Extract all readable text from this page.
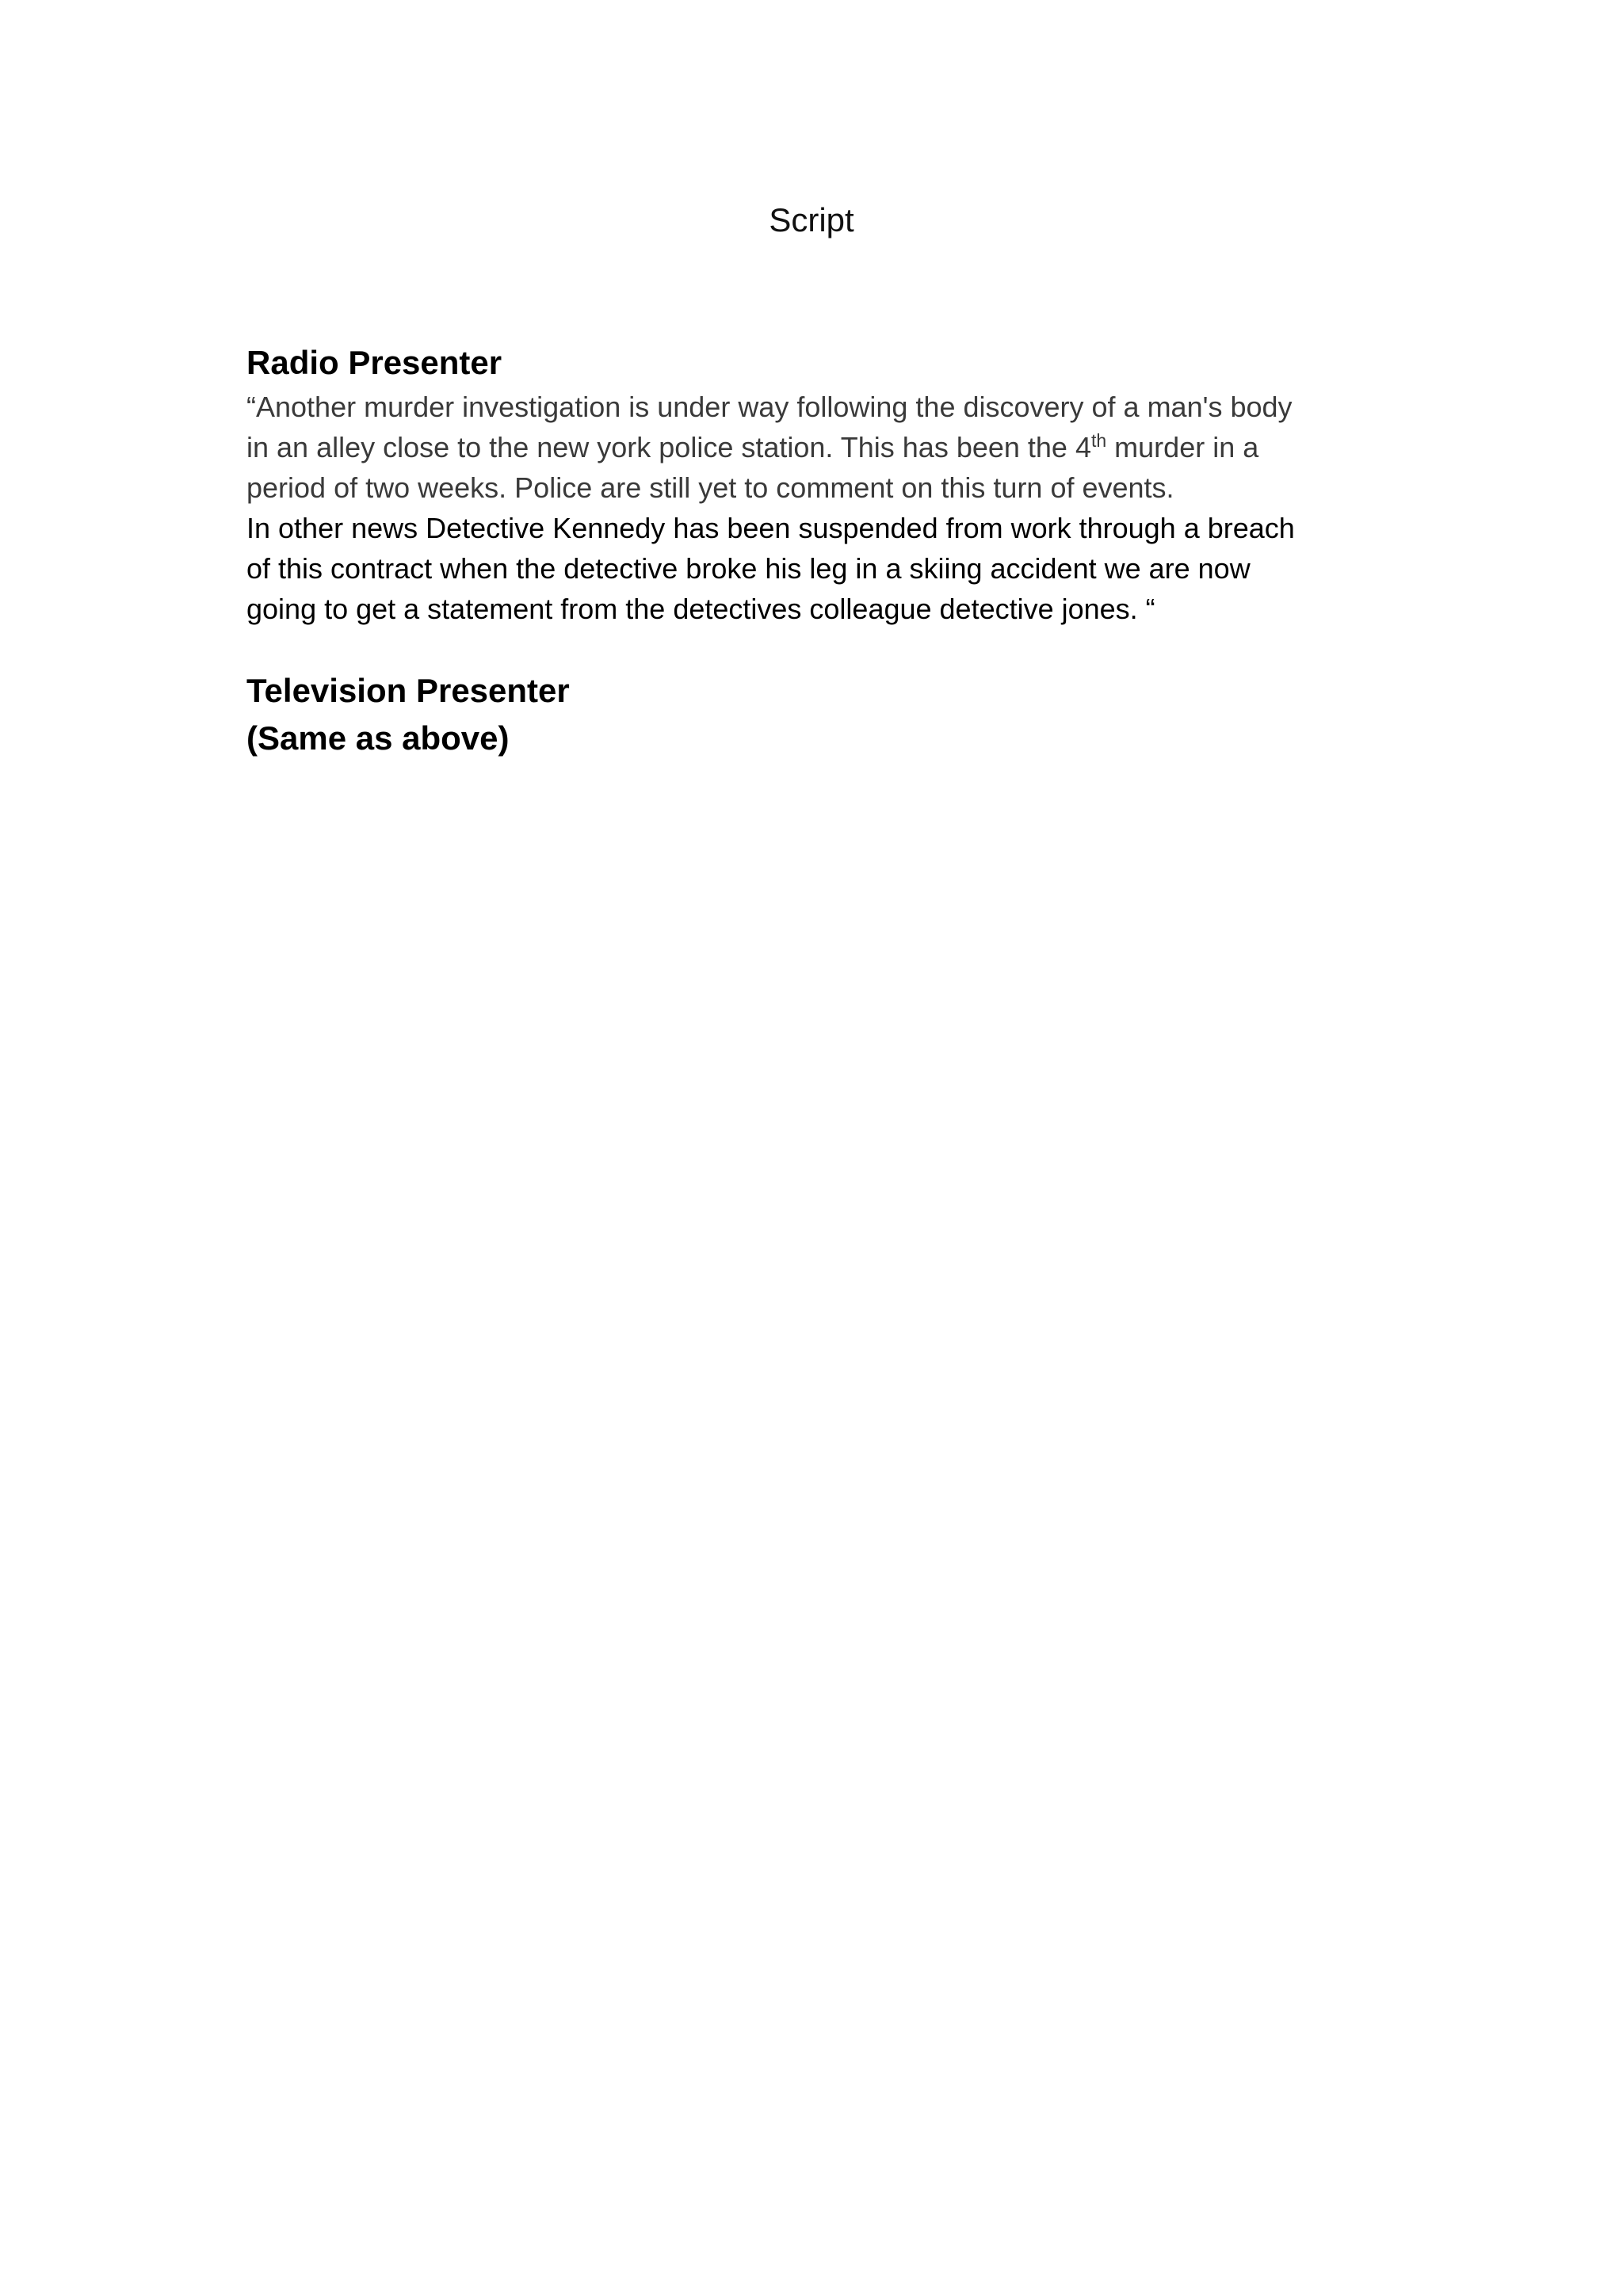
Script

Radio Presenter

“Another murder investigation is under way following the discovery of a man's body

in an alley close to the new york police station. This has been the 4th murder in a

period of two weeks. Police are still yet to comment on this turn of events.

In other news Detective Kennedy has been suspended from work through a breach

of this contract when the detective broke his leg in a skiing accident we are now

going to get a statement from the detectives colleague detective jones. “

Television Presenter

(Same as above)
